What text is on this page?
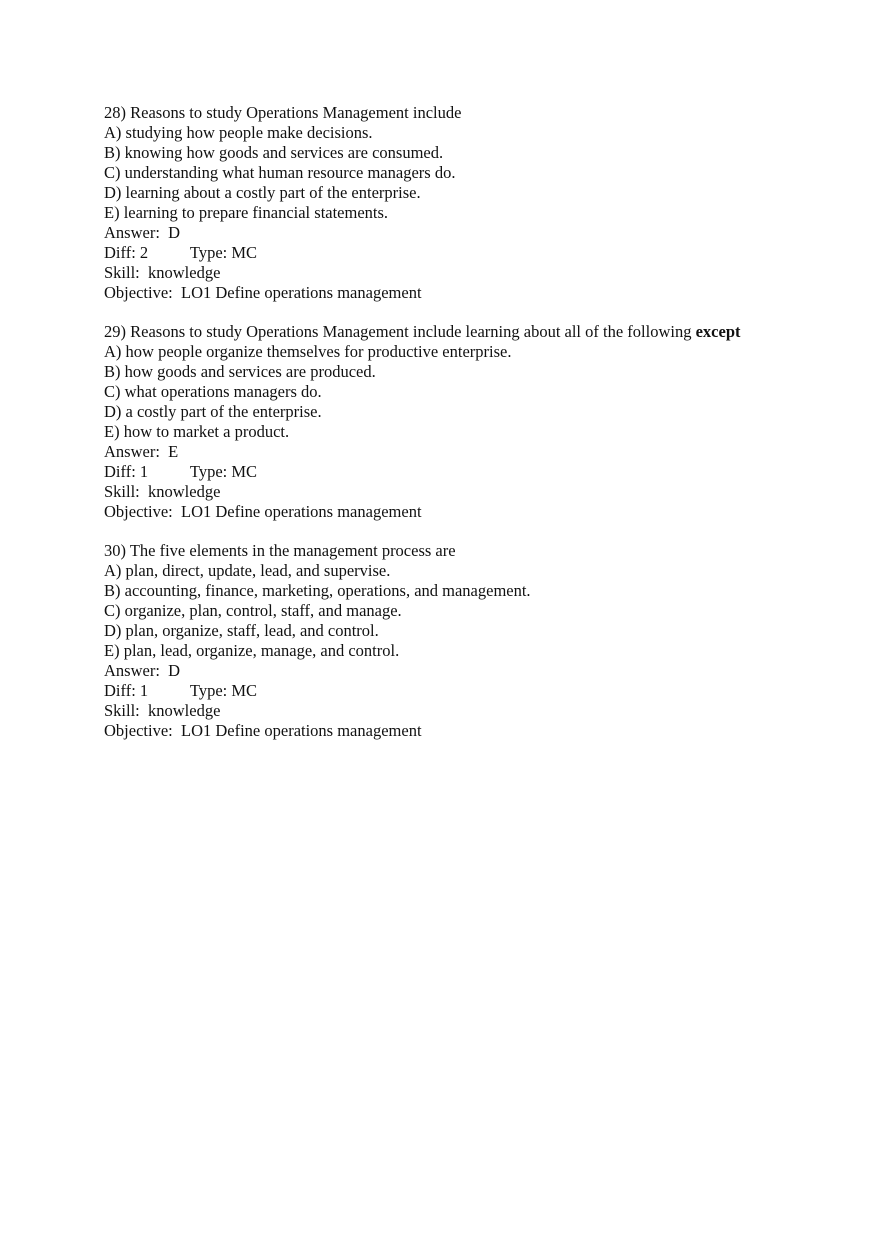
28) Reasons to study Operations Management include
A) studying how people make decisions.
B) knowing how goods and services are consumed.
C) understanding what human resource managers do.
D) learning about a costly part of the enterprise.
E) learning to prepare financial statements.
Answer: D
Diff: 2	Type: MC
Skill: knowledge
Objective: LO1 Define operations management
29) Reasons to study Operations Management include learning about all of the following except
A) how people organize themselves for productive enterprise.
B) how goods and services are produced.
C) what operations managers do.
D) a costly part of the enterprise.
E) how to market a product.
Answer: E
Diff: 1	Type: MC
Skill: knowledge
Objective: LO1 Define operations management
30) The five elements in the management process are
A) plan, direct, update, lead, and supervise.
B) accounting, finance, marketing, operations, and management.
C) organize, plan, control, staff, and manage.
D) plan, organize, staff, lead, and control.
E) plan, lead, organize, manage, and control.
Answer: D
Diff: 1	Type: MC
Skill: knowledge
Objective: LO1 Define operations management
